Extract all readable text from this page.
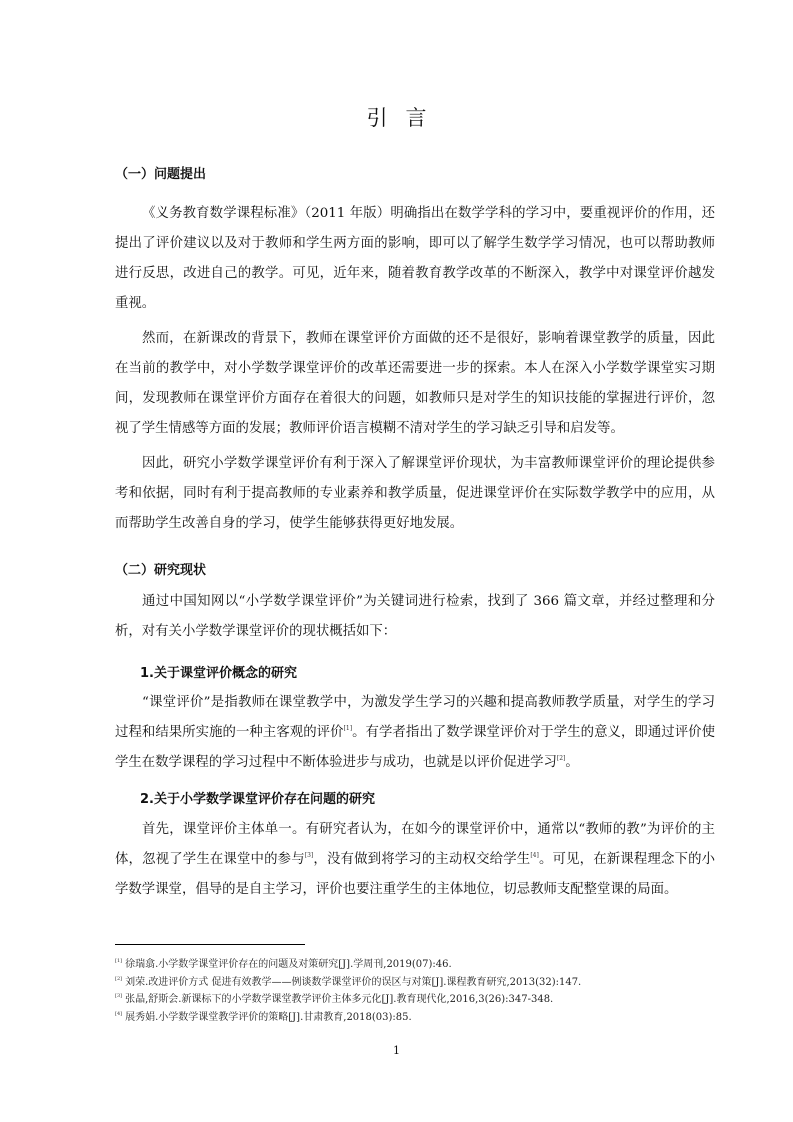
引言
（一）问题提出
《义务教育数学课程标准》（2011 年版）明确指出在数学学科的学习中，要重视评价的作用，还提出了评价建议以及对于教师和学生两方面的影响，即可以了解学生数学学习情况，也可以帮助教师进行反思，改进自己的教学。可见，近年来，随着教育教学改革的不断深入，教学中对课堂评价越发重视。
然而，在新课改的背景下，教师在课堂评价方面做的还不是很好，影响着课堂教学的质量，因此在当前的教学中，对小学数学课堂评价的改革还需要进一步的探索。本人在深入小学数学课堂实习期间，发现教师在课堂评价方面存在着很大的问题，如教师只是对学生的知识技能的掌握进行评价，忽视了学生情感等方面的发展；教师评价语言模糊不清对学生的学习缺乏引导和启发等。
因此，研究小学数学课堂评价有利于深入了解课堂评价现状，为丰富教师课堂评价的理论提供参考和依据，同时有利于提高教师的专业素养和教学质量，促进课堂评价在实际数学教学中的应用，从而帮助学生改善自身的学习，使学生能够获得更好地发展。
（二）研究现状
通过中国知网以“小学数学课堂评价”为关键词进行检索，找到了 366 篇文章，并经过整理和分析，对有关小学数学课堂评价的现状概括如下：
1.关于课堂评价概念的研究
“课堂评价”是指教师在课堂教学中，为激发学生学习的兴趣和提高教师教学质量，对学生的学习过程和结果所实施的一种主客观的评价[1]。有学者指出了数学课堂评价对于学生的意义，即通过评价使学生在数学课程的学习过程中不断体验进步与成功，也就是以评价促进学习[2]。
2.关于小学数学课堂评价存在问题的研究
首先，课堂评价主体单一。有研究者认为，在如今的课堂评价中，通常以“教师的教”为评价的主体，忽视了学生在课堂中的参与[3]，没有做到将学习的主动权交给学生[4]。可见，在新课程理念下的小学数学课堂，倡导的是自主学习，评价也要注重学生的主体地位，切忌教师支配整堂课的局面。
[1] 徐瑞翕.小学数学课堂评价存在的问题及对策研究[J].学周刊,2019(07):46.
[2] 刘荣.改进评价方式 促进有效教学——例谈数学课堂评价的误区与对策[J].课程教育研究,2013(32):147.
[3] 张晶,舒斯会.新课标下的小学数学课堂教学评价主体多元化[J].教育现代化,2016,3(26):347-348.
[4] 展秀娟.小学数学课堂教学评价的策略[J].甘肃教育,2018(03):85.
1
